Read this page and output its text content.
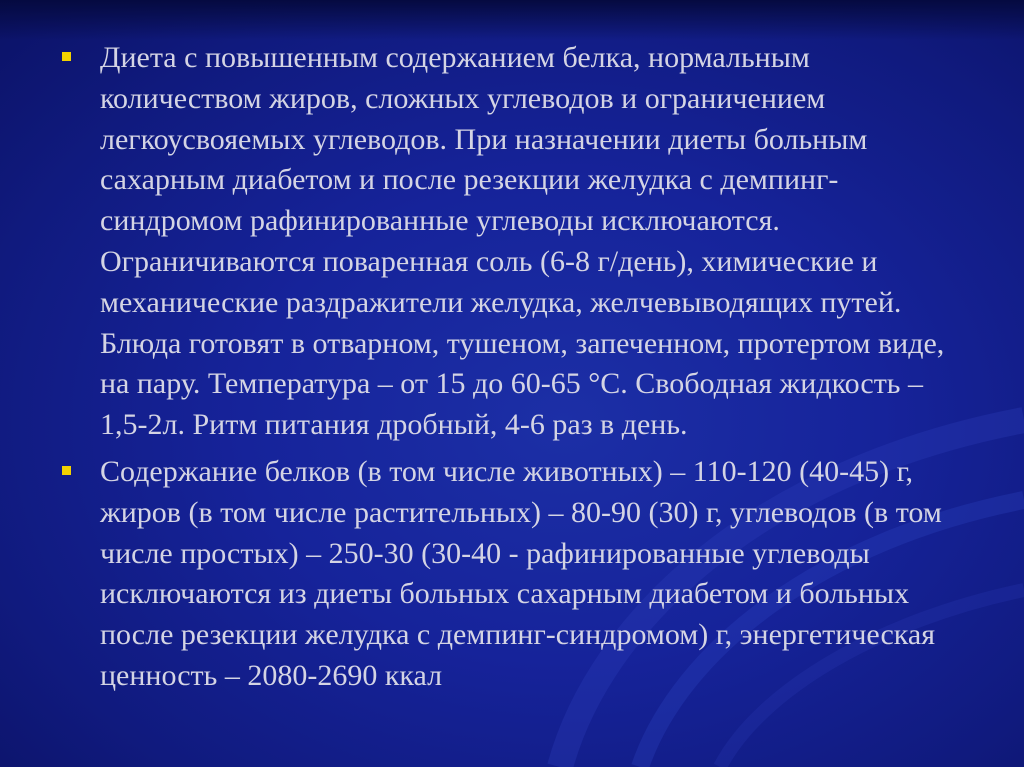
Диета с повышенным содержанием белка, нормальным количеством жиров, сложных углеводов и ограничением легкоусвояемых углеводов. При назначении диеты больным сахарным диабетом и после резекции желудка с демпинг-синдромом рафинированные углеводы исключаются. Ограничиваются поваренная соль (6-8 г/день), химические и механические раздражители желудка, желчевыводящих путей. Блюда готовят в отварном, тушеном, запеченном, протертом виде, на пару. Температура – от 15 до 60-65 °С. Свободная жидкость – 1,5-2л. Ритм питания дробный, 4-6 раз в день.

Содержание белков (в том числе животных) – 110-120 (40-45) г, жиров (в том числе растительных) – 80-90 (30) г, углеводов (в том числе простых) – 250-30 (30-40 - рафинированные углеводы исключаются из диеты больных сахарным диабетом и больных после резекции желудка с демпинг-синдромом) г, энергетическая ценность – 2080-2690 ккал
